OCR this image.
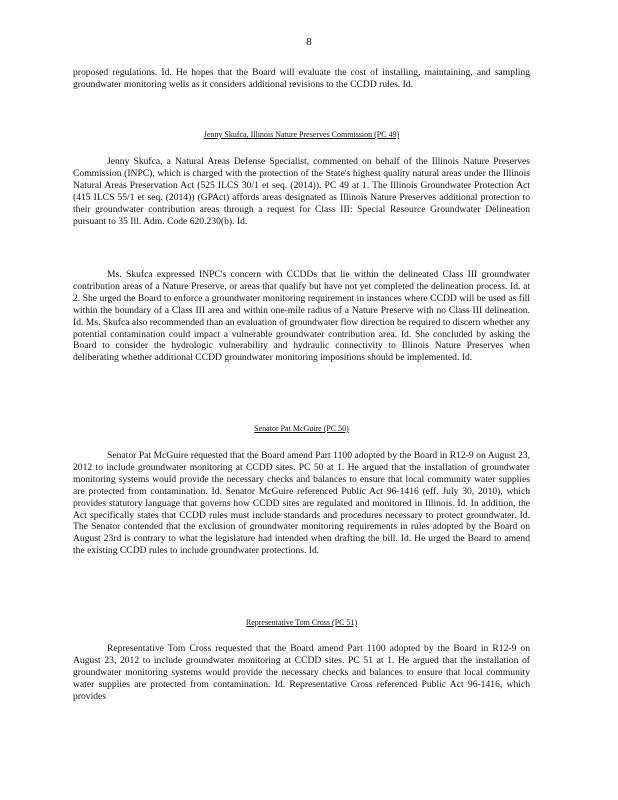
8

proposed regulations. Id. He hopes that the Board will evaluate the cost of installing, maintaining, and sampling groundwater monitoring wells as it considers additional revisions to the CCDD rules. Id.

Jenny Skufca, Illinois Nature Preserves Commission (PC 49)

Jenny Skufca, a Natural Areas Defense Specialist, commented on behalf of the Illinois Nature Preserves Commission (INPC), which is charged with the protection of the State's highest quality natural areas under the Illinois Natural Areas Preservation Act (525 ILCS 30/1 et seq. (2014)). PC 49 at 1. The Illinois Groundwater Protection Act (415 ILCS 55/1 et seq. (2014)) (GPAct) affords areas designated as Illinois Nature Preserves additional protection to their groundwater contribution areas through a request for Class III: Special Resource Groundwater Delineation pursuant to 35 Ill. Adm. Code 620.230(b). Id.

Ms. Skufca expressed INPC's concern with CCDDs that lie within the delineated Class III groundwater contribution areas of a Nature Preserve, or areas that qualify but have not yet completed the delineation process. Id. at 2. She urged the Board to enforce a groundwater monitoring requirement in instances where CCDD will be used as fill within the boundary of a Class III area and within one-mile radius of a Nature Preserve with no Class III delineation. Id. Ms. Skufca also recommended than an evaluation of groundwater flow direction be required to discern whether any potential contamination could impact a vulnerable groundwater contribution area. Id. She concluded by asking the Board to consider the hydrologic vulnerability and hydraulic connectivity to Illinois Nature Preserves when deliberating whether additional CCDD groundwater monitoring impositions should be implemented. Id.

Senator Pat McGuire (PC 50)

Senator Pat McGuire requested that the Board amend Part 1100 adopted by the Board in R12-9 on August 23, 2012 to include groundwater monitoring at CCDD sites. PC 50 at 1. He argued that the installation of groundwater monitoring systems would provide the necessary checks and balances to ensure that local community water supplies are protected from contamination. Id. Senator McGuire referenced Public Act 96-1416 (eff. July 30, 2010), which provides statutory language that governs how CCDD sites are regulated and monitored in Illinois. Id. In addition, the Act specifically states that CCDD rules must include standards and procedures necessary to protect groundwater. Id. The Senator contended that the exclusion of groundwater monitoring requirements in rules adopted by the Board on August 23rd is contrary to what the legislature had intended when drafting the bill. Id. He urged the Board to amend the existing CCDD rules to include groundwater protections. Id.

Representative Tom Cross (PC 51)

Representative Tom Cross requested that the Board amend Part 1100 adopted by the Board in R12-9 on August 23, 2012 to include groundwater monitoring at CCDD sites. PC 51 at 1. He argued that the installation of groundwater monitoring systems would provide the necessary checks and balances to ensure that local community water supplies are protected from contamination. Id. Representative Cross referenced Public Act 96-1416, which provides
